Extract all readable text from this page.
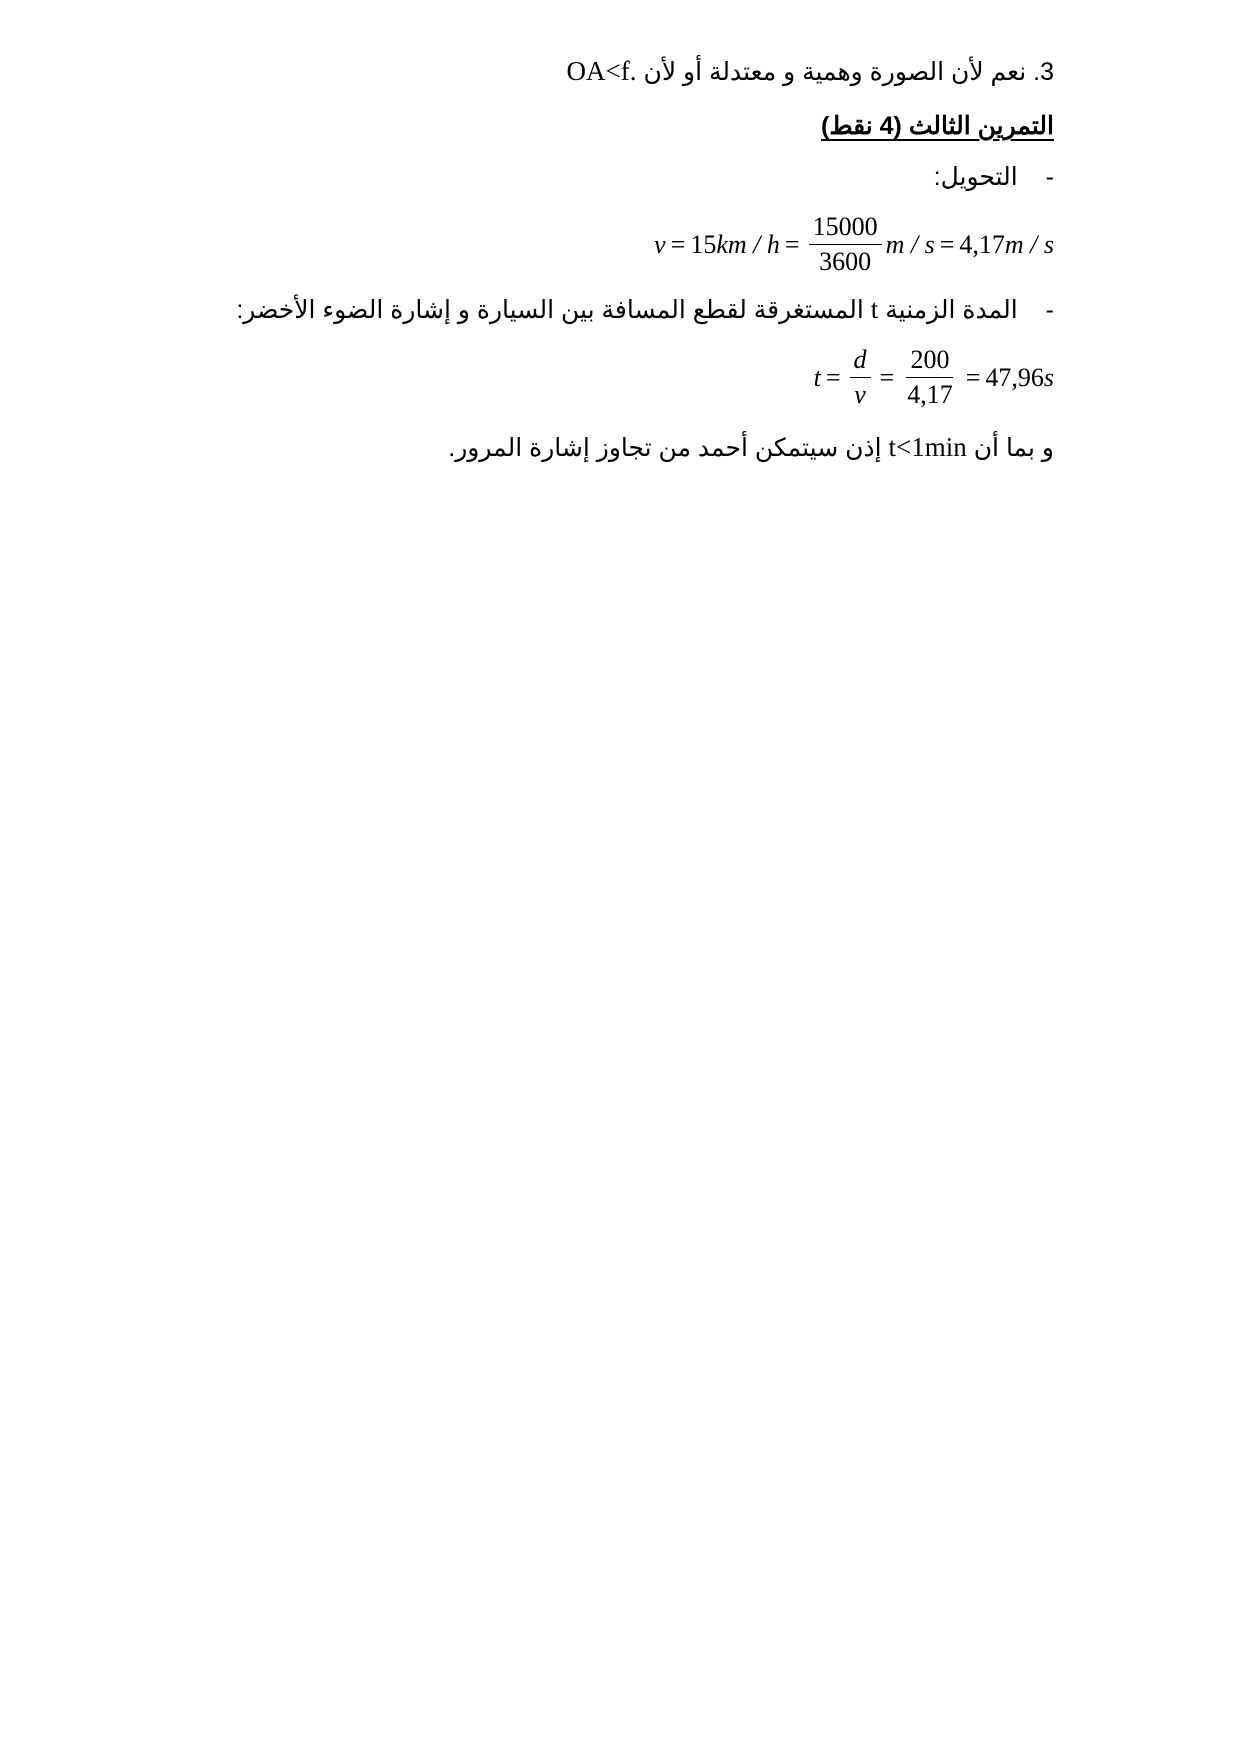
3. نعم لأن الصورة وهمية و معتدلة أو لأن OA<f.
التمرين الثالث (4 نقط)
-التحويل:
v = 15 km / $h = \frac{15000}{3600}$ m / s = 4,17 m / s
-المدة الزمنية t المستغرقة لقطع المسافة بين السيارة و إشارة الضوء الأخضر:
$t = \frac{d}{v} = \frac{200}{4,17} = 47,96$ s
و بما أن t<1min إذن سيتمكن أحمد من تجاوز إشارة المرور.
